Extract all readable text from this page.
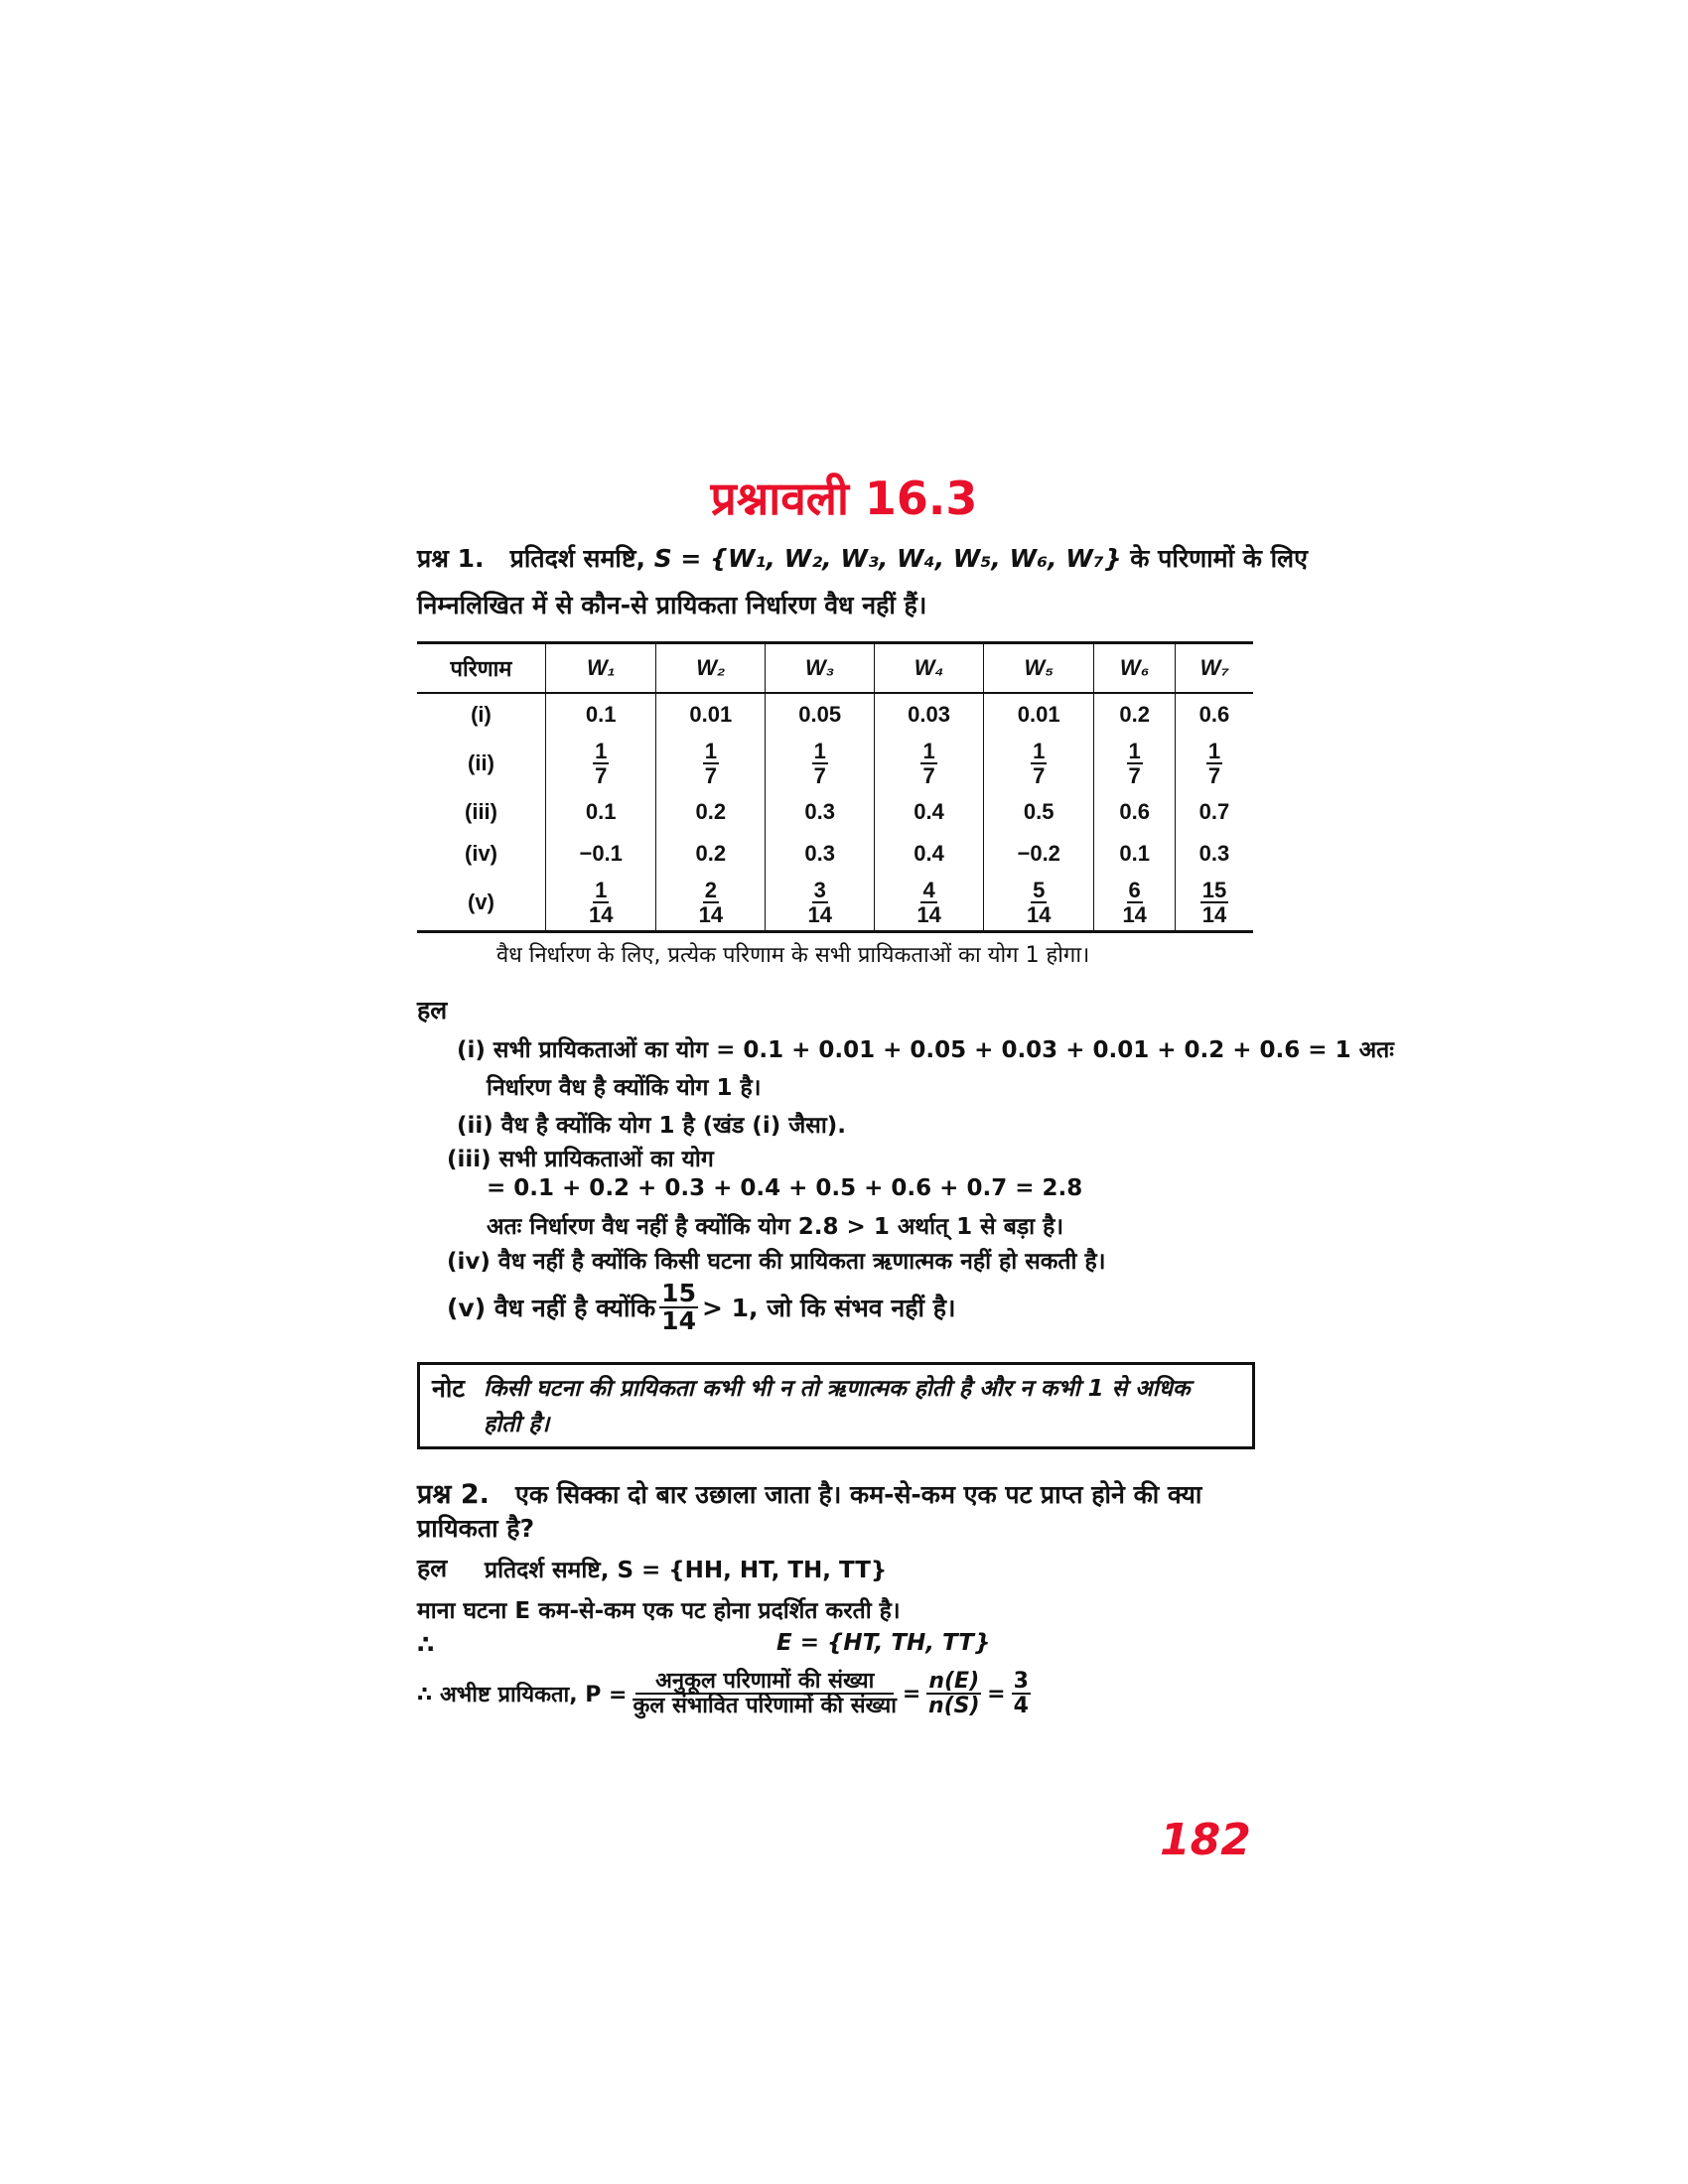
प्रश्नावली 16.3
प्रश्न 1. प्रतिदर्श समष्टि, S = {W₁, W₂, W₃, W₄, W₅, W₆, W₇} के परिणामों के लिए
निम्नलिखित में से कौन-से प्रायिकता निर्धारण वैध नहीं हैं।
परिणाम	W₁	W₂	W₃	W₄	W₅	W₆	W₇
(i)	0.1	0.01	0.05	0.03	0.01	0.2	0.6
(ii)	$\frac{1}{7}$	$\frac{1}{7}$	$\frac{1}{7}$	$\frac{1}{7}$	$\frac{1}{7}$	$\frac{1}{7}$	$\frac{1}{7}$

(iii)	0.1	0.2	0.3	0.4	0.5	0.6	0.7
(iv)	−0.1	0.2	0.3	0.4	−0.2	0.1	0.3
(v)	$\frac{1}{14}$	$\frac{2}{14}$	$\frac{3}{14}$	$\frac{4}{14}$	$\frac{5}{14}$	$\frac{6}{14}$	$\frac{15}{14}$
वैध निर्धारण के लिए, प्रत्येक परिणाम के सभी प्रायिकताओं का योग 1 होगा।
हल
(i) सभी प्रायिकताओं का योग = 0.1 + 0.01 + 0.05 + 0.03 + 0.01 + 0.2 + 0.6 = 1 अतः
निर्धारण वैध है क्योंकि योग 1 है।
(ii) वैध है क्योंकि योग 1 है (खंड (i) जैसा).
(iii) सभी प्रायिकताओं का योग
= 0.1 + 0.2 + 0.3 + 0.4 + 0.5 + 0.6 + 0.7 = 2.8
अतः निर्धारण वैध नहीं है क्योंकि योग 2.8 > 1 अर्थात् 1 से बड़ा है।
(iv) वैध नहीं है क्योंकि किसी घटना की प्रायिकता ऋणात्मक नहीं हो सकती है।
(v) वैध नहीं है क्योंकि $\frac{15}{14} > 1$, जो कि संभव नहीं है।
नोट किसी घटना की प्रायिकता कभी भी न तो ऋणात्मक होती है और न कभी 1 से अधिक
होती है।
प्रश्न 2. एक सिक्का दो बार उछाला जाता है। कम-से-कम एक पट प्राप्त होने की क्या
प्रायिकता है?
हल प्रतिदर्श समष्टि, S = {HH, HT, TH, TT}
माना घटना E कम-से-कम एक पट होना प्रदर्शित करती है।
∴	E = {HT, TH, TT}
∴ अभीष्ट प्रायिकता, $P = \frac{\text{अनुकूल परिणामों की संख्या}}{\text{कुल संभावित परिणामों की संख्या}} = \frac{n(E)}{n(S)} = \frac{3}{4}$
182
